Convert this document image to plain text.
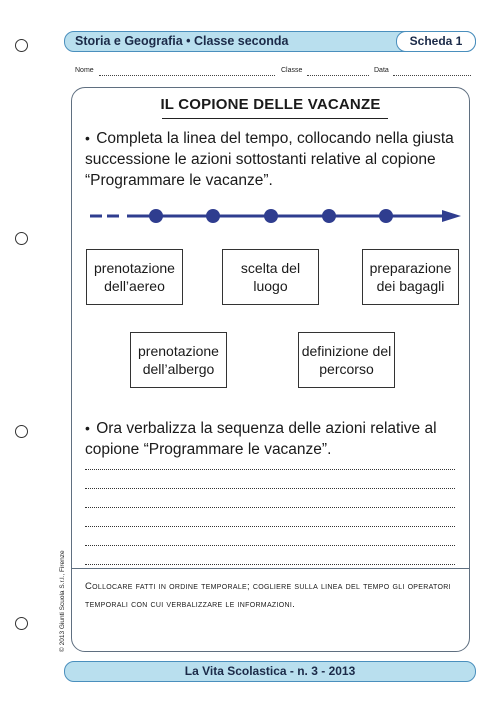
Storia e Geografia • Classe seconda	Scheda 1
Nome	Classe	Data
IL COPIONE DELLE VACANZE

• Completa la linea del tempo, collocando nella giusta successione le azioni sottostanti relative al copione “Programmare le vacanze”.

prenotazione dell’aereo
scelta del luogo
preparazione dei bagagli
prenotazione dell’albergo
definizione del percorso

• Ora verbalizza la sequenza delle azioni relative al copione “Programmare le vacanze”.

Collocare fatti in ordine temporale; cogliere sulla linea del tempo gli operatori temporali con cui verbalizzare le informazioni.

© 2013 Giunti Scuola S.r.l., Firenze
La Vita Scolastica - n. 3 - 2013
